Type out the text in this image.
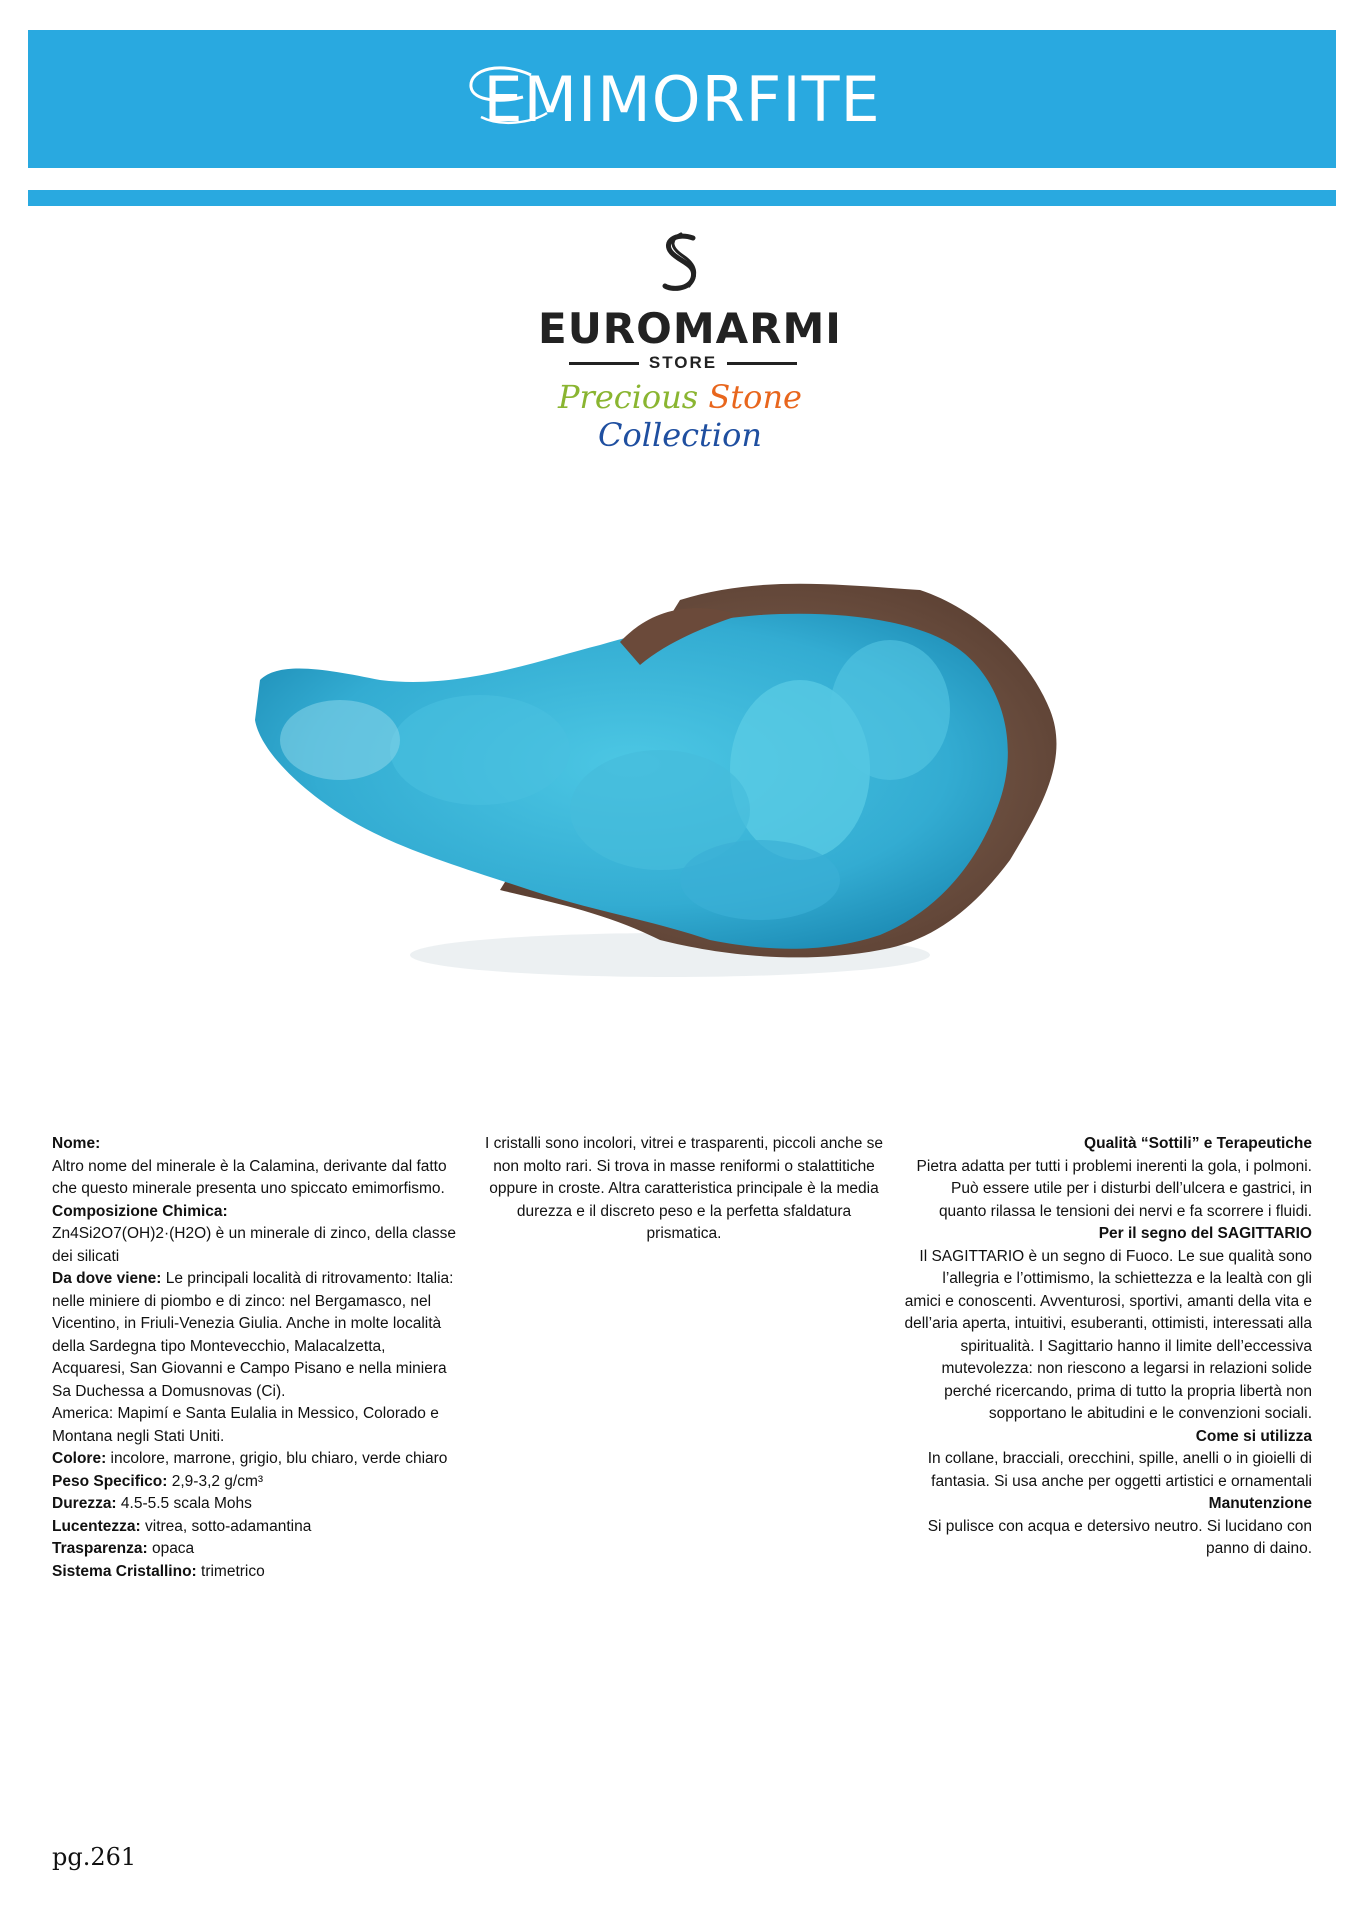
EMIMORFITE
EUROMARMI
STORE
Precious Stone Collection

Nome:

Altro nome del minerale è la Calamina, derivante dal fatto che questo minerale presenta uno spiccato emimorfismo.

Composizione Chimica:

Zn4Si2O7(OH)2·(H2O) è un minerale di zinco, della classe dei silicati

Da dove viene: Le principali località di ritrovamento: Italia: nelle miniere di piombo e di zinco: nel Bergamasco, nel Vicentino, in Friuli-Venezia Giulia. Anche in molte località della Sardegna tipo Montevecchio, Malacalzetta, Acquaresi, San Giovanni e Campo Pisano e nella miniera Sa Duchessa a Domusnovas (Ci).

America: Mapimí e Santa Eulalia in Messico, Colorado e Montana negli Stati Uniti.

Colore: incolore, marrone, grigio, blu chiaro, verde chiaro

Peso Specifico: 2,9-3,2 g/cm³

Durezza: 4.5-5.5 scala Mohs

Lucentezza: vitrea, sotto-adamantina

Trasparenza: opaca

Sistema Cristallino: trimetrico

I cristalli sono incolori, vitrei e trasparenti, piccoli anche se non molto rari. Si trova in masse reniformi o stalattitiche oppure in croste. Altra caratteristica principale è la media durezza e il discreto peso e la perfetta sfaldatura prismatica.

Qualità “Sottili” e Terapeutiche

Pietra adatta per tutti i problemi inerenti la gola, i polmoni. Può essere utile per i disturbi dell’ulcera e gastrici, in quanto rilassa le tensioni dei nervi e fa scorrere i fluidi.

Per il segno del SAGITTARIO

Il SAGITTARIO è un segno di Fuoco. Le sue qualità sono l’allegria e l’ottimismo, la schiettezza e la lealtà con gli amici e conoscenti. Avventurosi, sportivi, amanti della vita e dell’aria aperta, intuitivi, esuberanti, ottimisti, interessati alla spiritualità. I Sagittario hanno il limite dell’eccessiva mutevolezza: non riescono a legarsi in relazioni solide perché ricercando, prima di tutto la propria libertà non sopportano le abitudini e le convenzioni sociali.

Come si utilizza

In collane, bracciali, orecchini, spille, anelli o in gioielli di fantasia. Si usa anche per oggetti artistici e ornamentali

Manutenzione

Si pulisce con acqua e detersivo neutro. Si lucidano con panno di daino.

pg.261
